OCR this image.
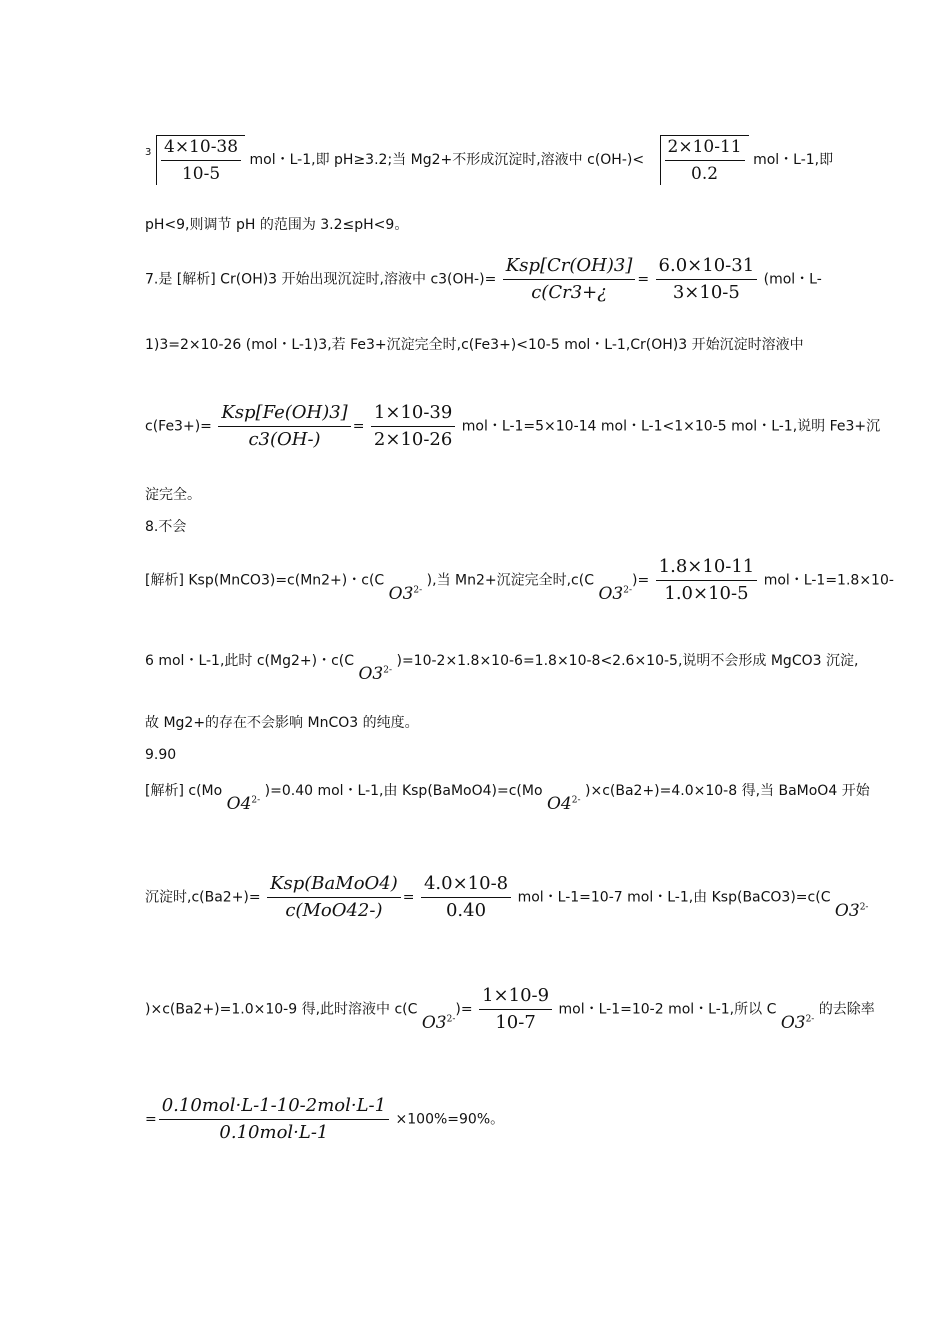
$3 \frac{4\times 10-38}{10-5}$ mol・L-1,即 pH≥3.2;当 Mg2+不形成沉淀时,溶液中 $c(OH-)< \frac{2\times 10-11}{0.2}$ mol・L-1,即
pH<9,则调节 pH 的范围为 3.2≤pH<9。
7.是 [解析] Cr(OH)3 开始出现沉淀时,溶液中 $c3(OH-)= \frac{\text{Ksp[Cr(OH)3]}}{c(Cr3+¿} = \frac{6.0\times 10-31}{3\times 10-5} (mol$・L-
1)3=2×10-26 (mol・L-1)3,若 Fe3+沉淀完全时,c(Fe3+)<10-5 mol・L-1,Cr(OH)3 开始沉淀时溶液中
$c(Fe3+)= \frac{\text{Ksp[Fe(OH)3]}}{c3(OH-)} = \frac{1\times 10-39}{2\times 10-26}$ mol・L-1=5×10-14 mol・L-1<1×10-5 mol・L-1,说明 Fe3+沉
淀完全。
8.不会
[解析] Ksp(MnCO3)=c(Mn2+)・c(C $O3^{2-}$ ),当 Mn2+沉淀完全时,c(C $O3^{2-})= \frac{1.8\times 10-11}{1.0\times 10-5}$ mol・L-1=1.8×10-
6 mol・L-1,此时 c(Mg2+)・c(C $O3^{2-}$ )=10-2×1.8×10-6=1.8×10-8<2.6×10-5,说明不会形成 MgCO3 沉淀,
故 Mg2+的存在不会影响 MnCO3 的纯度。
9.90
[解析] c(Mo $O4^{2-}$ )=0.40 mol・L-1,由 Ksp(BaMoO4)=c(Mo $O4^{2-}$ )×c(Ba2+)=4.0×10-8 得,当 BaMoO4 开始
沉淀时$,c(Ba2+)= \frac{\text{Ksp(BaMoO4)}}{\text{c(MoO42-)}} = \frac{4.0\times 10-8}{0.40}$ mol・L-1=10-7 mol・L-1,由 Ksp(BaCO3)=c(C $O3^{2-}$
)×c(Ba2+)=1.0×10-9 得,此时溶液中 c(C $O3^{2-})= \frac{1\times 10-9}{10-7}$ mol・L-1=10-2 mol・L-1,所以 C $O3^{2-}$ 的去除率
= $\frac{\text{0.10mol·L-1-10-2mol·L-1}}{\text{0.10mol·L-1}} \times 100\%=90\%$。
